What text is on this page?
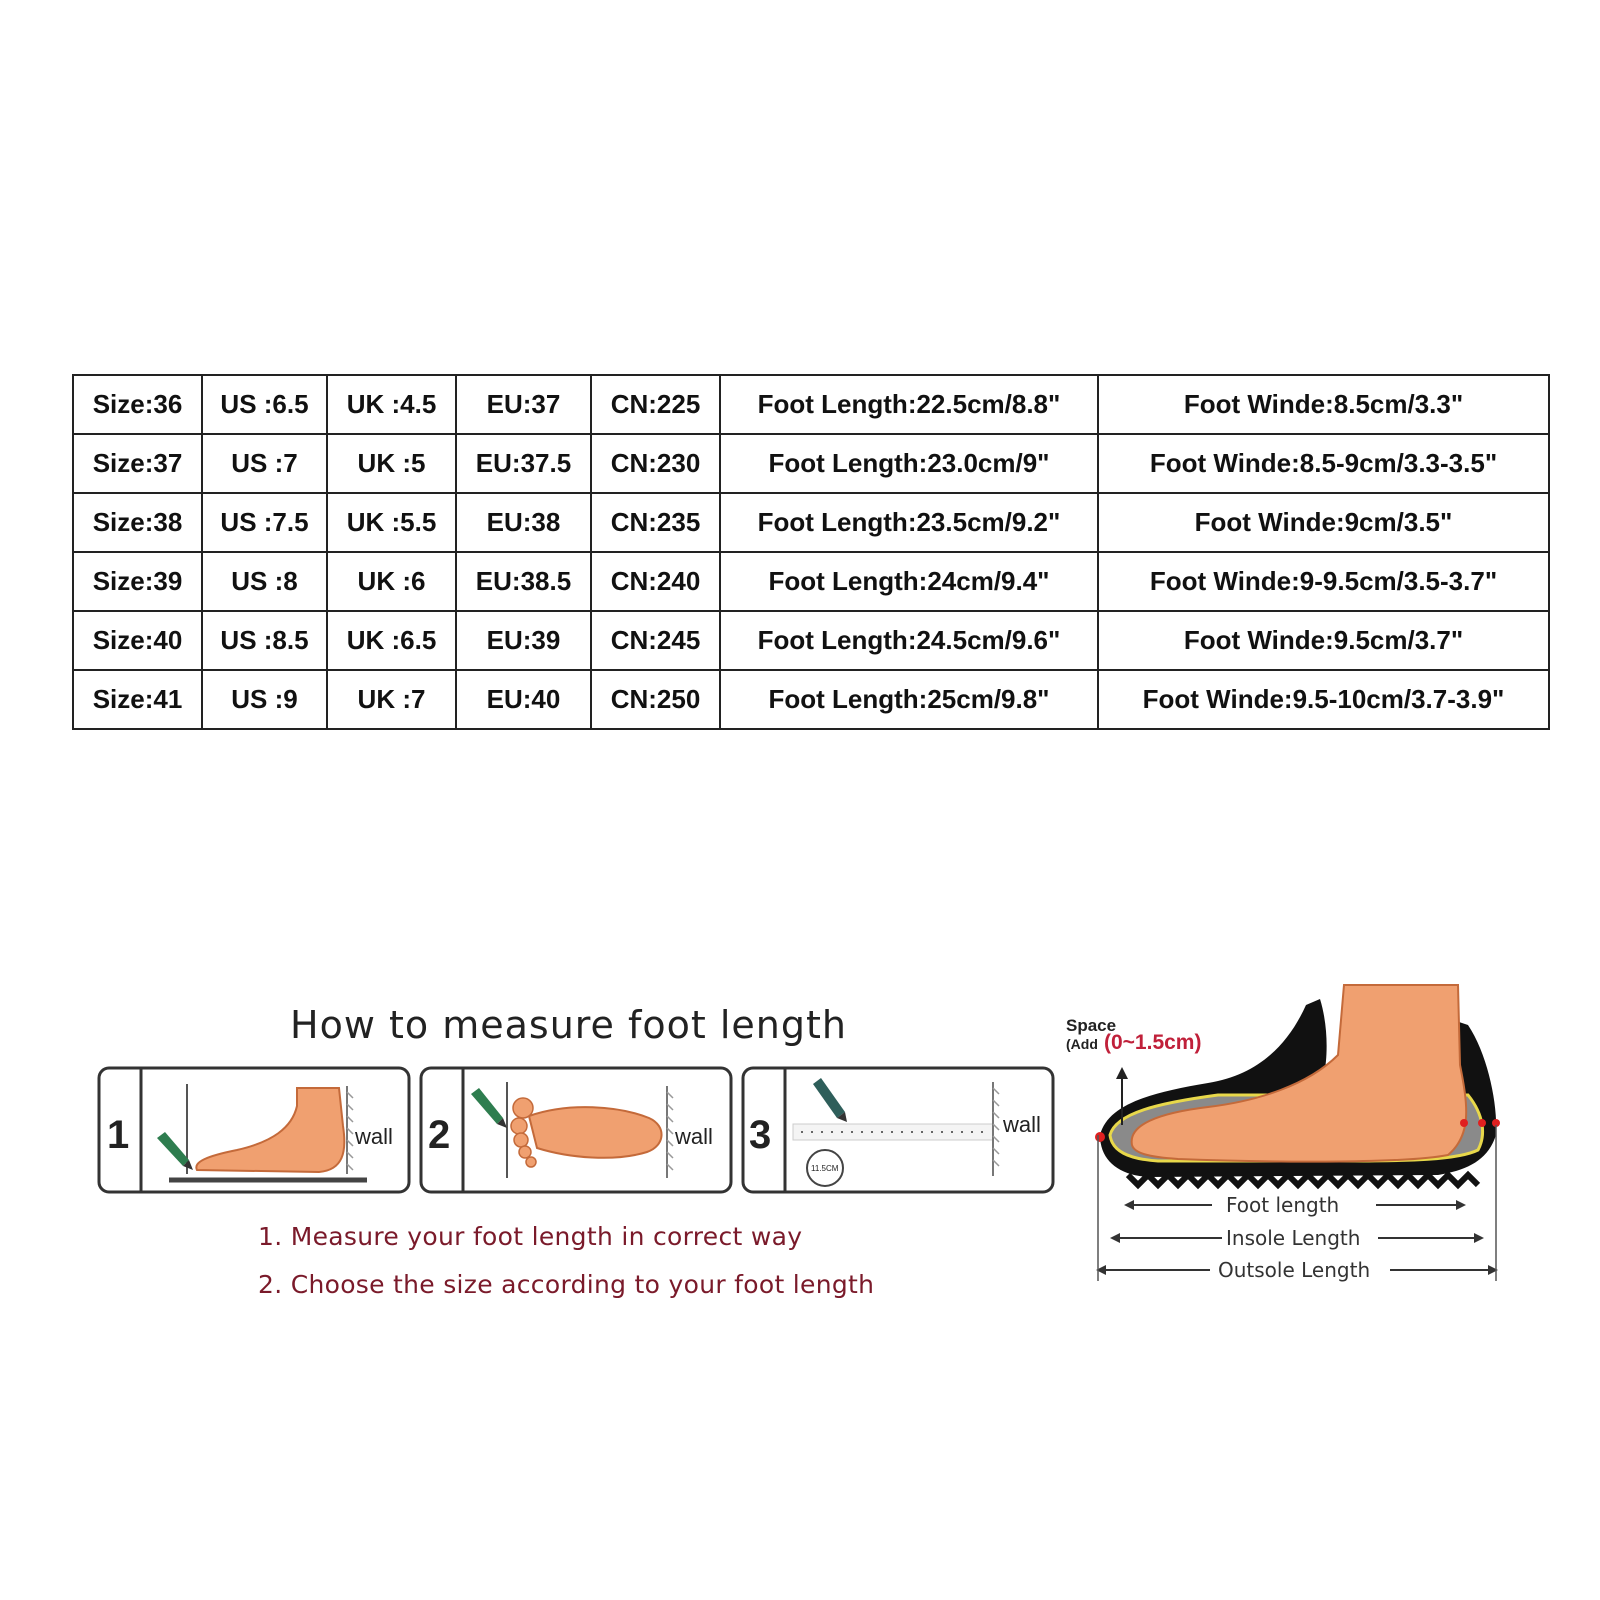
Size:36	US :6.5	UK :4.5	EU:37	CN:225	Foot Length:22.5cm/8.8"	Foot Winde:8.5cm/3.3"
Size:37	US :7	UK :5	EU:37.5	CN:230	Foot Length:23.0cm/9"	Foot Winde:8.5-9cm/3.3-3.5"
Size:38	US :7.5	UK :5.5	EU:38	CN:235	Foot Length:23.5cm/9.2"	Foot Winde:9cm/3.5"
Size:39	US :8	UK :6	EU:38.5	CN:240	Foot Length:24cm/9.4"	Foot Winde:9-9.5cm/3.5-3.7"
Size:40	US :8.5	UK :6.5	EU:39	CN:245	Foot Length:24.5cm/9.6"	Foot Winde:9.5cm/3.7"
Size:41	US :9	UK :7	EU:40	CN:250	Foot Length:25cm/9.8"	Foot Winde:9.5-10cm/3.7-3.9"
How to measure foot length
1	wall 2	wall 3	wall
11.5CM
1. Measure your foot length in correct way
2. Choose the size according to your foot length
Space
(Add (0~1.5cm)
Foot length
Insole Length
Outsole Length
